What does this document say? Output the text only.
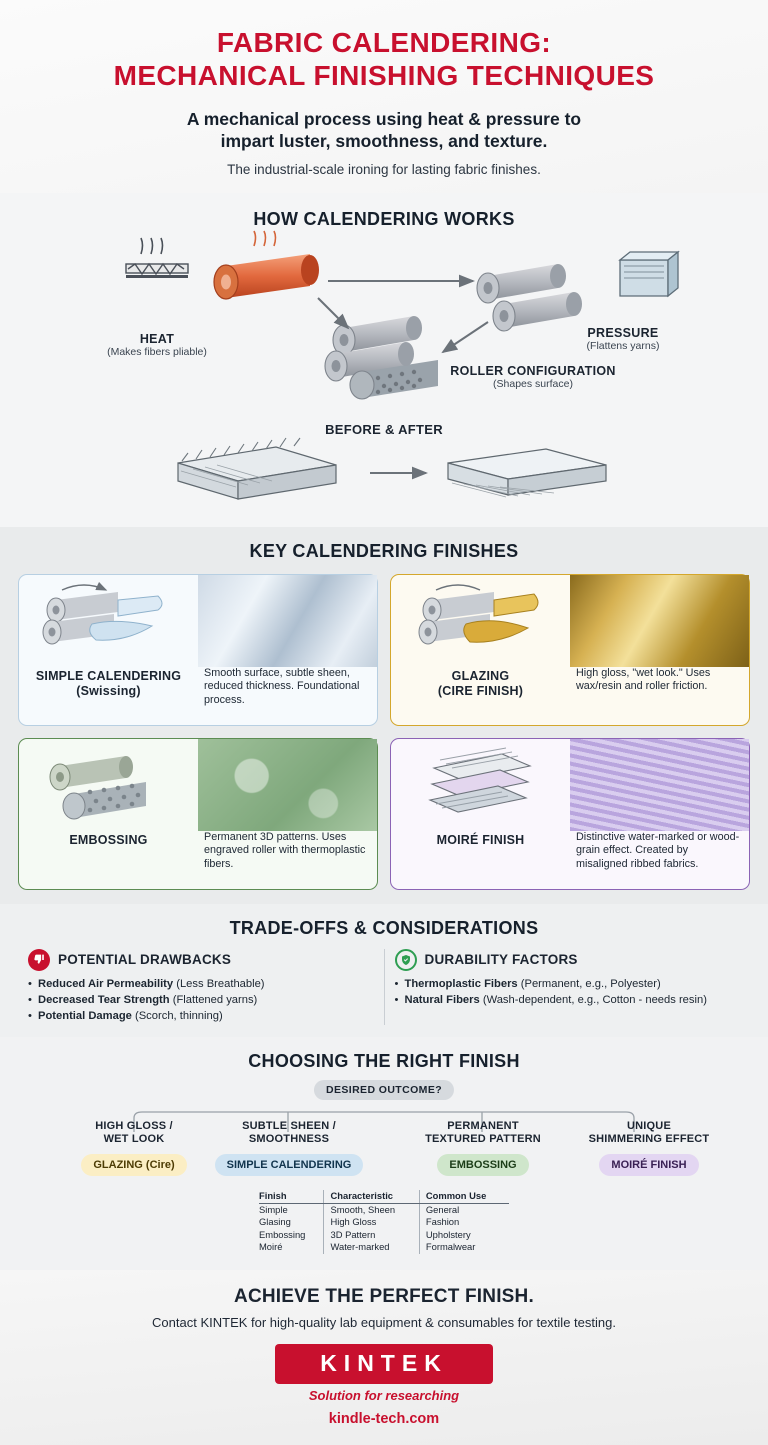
FABRIC CALENDERING:
MECHANICAL FINISHING TECHNIQUES
A mechanical process using heat & pressure to
impart luster, smoothness, and texture.
The industrial-scale ironing for lasting fabric finishes.
HOW CALENDERING WORKS
HEAT
(Makes fibers pliable)
PRESSURE
(Flattens yarns)
ROLLER CONFIGURATION
(Shapes surface)
BEFORE & AFTER
KEY CALENDERING FINISHES
SIMPLE CALENDERING
(Swissing)
Smooth surface, subtle sheen, reduced thickness. Foundational process.
GLAZING
(CIRE FINISH)
High gloss, "wet look." Uses wax/resin and roller friction.
EMBOSSING	Permanent 3D patterns. Uses engraved roller with thermoplastic fibers.
MOIRÉ FINISH	Distinctive water-marked or wood-grain effect. Created by misaligned ribbed fabrics.
TRADE-OFFS & CONSIDERATIONS
POTENTIAL DRAWBACKS
• Reduced Air Permeability (Less Breathable)
• Decreased Tear Strength (Flattened yarns)
• Potential Damage (Scorch, thinning)
DURABILITY FACTORS
• Thermoplastic Fibers (Permanent, e.g., Polyester)
• Natural Fibers (Wash-dependent, e.g., Cotton - needs resin)
CHOOSING THE RIGHT FINISH
DESIRED OUTCOME?
HIGH GLOSS /
WET LOOK
GLAZING (Cire)
SUBTLE SHEEN /
SMOOTHNESS
SIMPLE CALENDERING
PERMANENT
TEXTURED PATTERN
EMBOSSING
UNIQUE
SHIMMERING EFFECT
MOIRÉ FINISH
Finish	Characteristic	Common Use
Simple	Smooth, Sheen	General
Glasing	High Gloss	Fashion
Embossing	3D Pattern	Upholstery
Moiré	Water-marked	Formalwear
ACHIEVE THE PERFECT FINISH.
Contact KINTEK for high-quality lab equipment & consumables for textile testing.
KINTEK
Solution for researching
kindle-tech.com
